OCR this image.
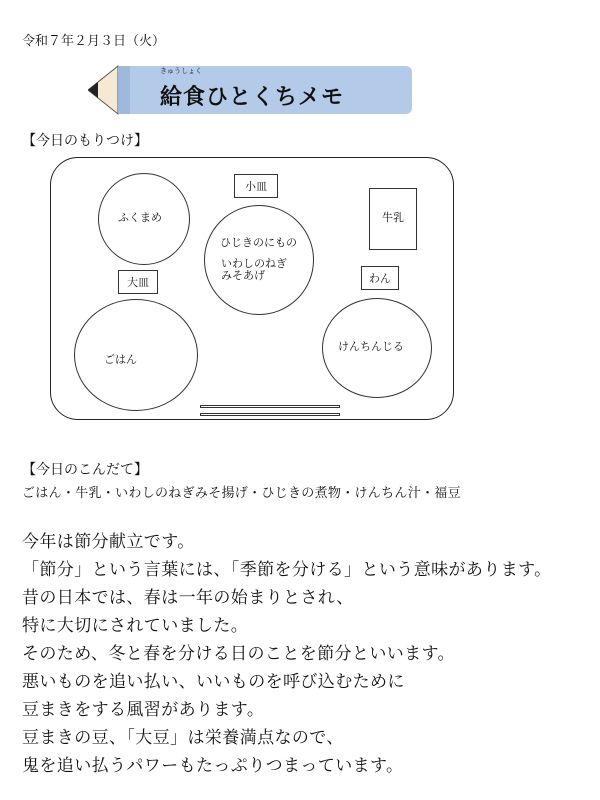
令和７年２月３日（火）
きゅうしょく
給食ひとくちメモ
【今日のもりつけ】
ふくまめ
小皿
ひじきのにもの
いわしのねぎ
みそあげ
牛乳
大皿
ごはん
わん
けんちんじる
【今日のこんだて】
ごはん・牛乳・いわしのねぎみそ揚げ・ひじきの煮物・けんちん汁・福豆
今年は節分献立です。
「節分」という言葉には、「季節を分ける」という意味があります。
昔の日本では、春は一年の始まりとされ、
特に大切にされていました。
そのため、冬と春を分ける日のことを節分といいます。
悪いものを追い払い、いいものを呼び込むために
豆まきをする風習があります。
豆まきの豆、「大豆」は栄養満点なので、
鬼を追い払うパワーもたっぷりつまっています。
